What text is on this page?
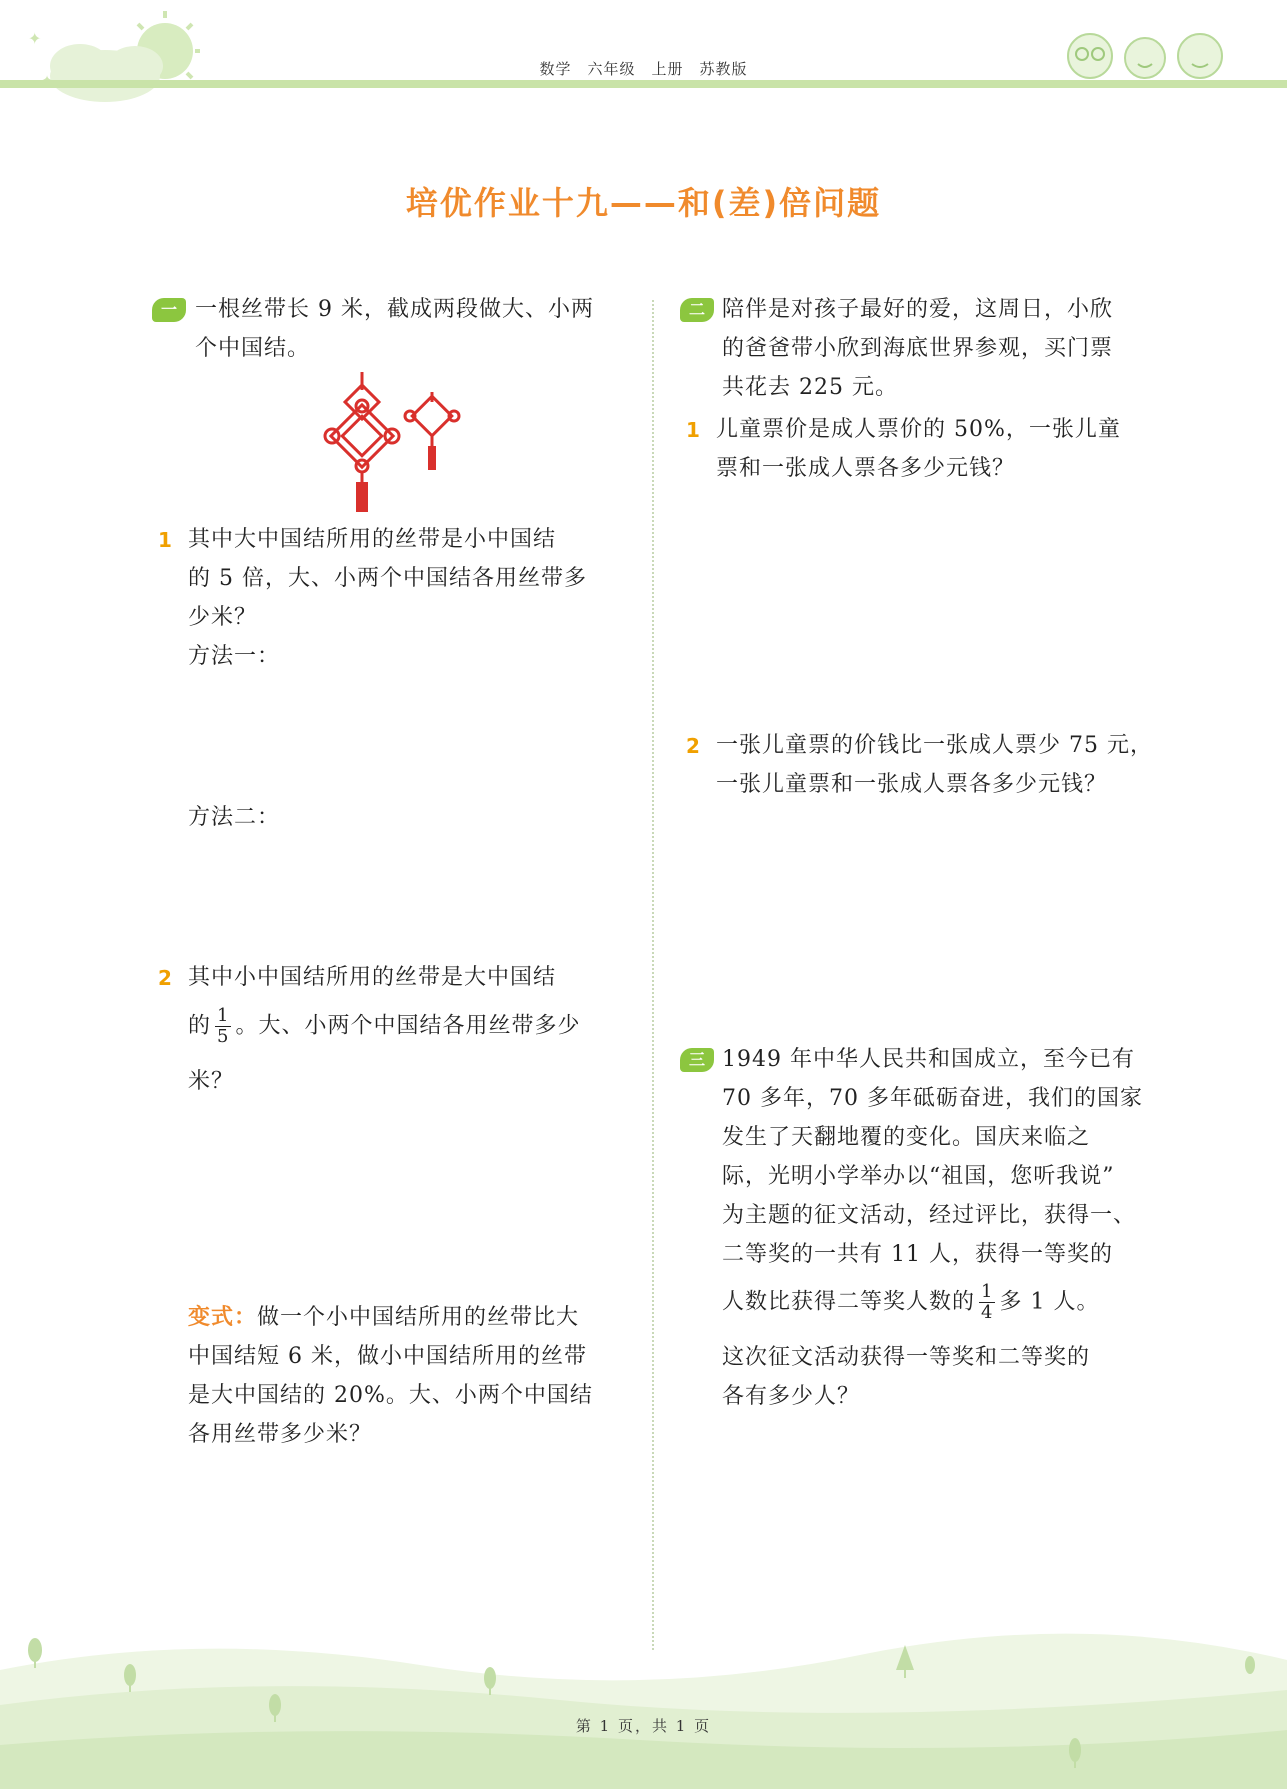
✦
数学　六年级　上册　苏教版
培优作业十九——和(差)倍问题
一 一根丝带长 9 米，截成两段做大、小两

个中国结。

1 其中大中国结所用的丝带是小中国结

的 5 倍，大、小两个中国结各用丝带多

少米？

方法一：

方法二：

2 其中小中国结所用的丝带是大中国结

的 $\frac{1}{5}$ 。大、小两个中国结各用丝带多少

米？

变式：做一个小中国结所用的丝带比大

中国结短 6 米，做小中国结所用的丝带

是大中国结的 20%。大、小两个中国结

各用丝带多少米？

二 陪伴是对孩子最好的爱，这周日，小欣

的爸爸带小欣到海底世界参观，买门票

共花去 225 元。

1 儿童票价是成人票价的 50%，一张儿童

票和一张成人票各多少元钱？

2 一张儿童票的价钱比一张成人票少 75 元，

一张儿童票和一张成人票各多少元钱？

三 1949 年中华人民共和国成立，至今已有

70 多年，70 多年砥砺奋进，我们的国家

发生了天翻地覆的变化。国庆来临之

际，光明小学举办以“祖国，您听我说”

为主题的征文活动，经过评比，获得一、

二等奖的一共有 11 人，获得一等奖的

人数比获得二等奖人数的 $\frac{1}{4}$ 多 1 人。

这次征文活动获得一等奖和二等奖的

各有多少人？

第 1 页，共 1 页
